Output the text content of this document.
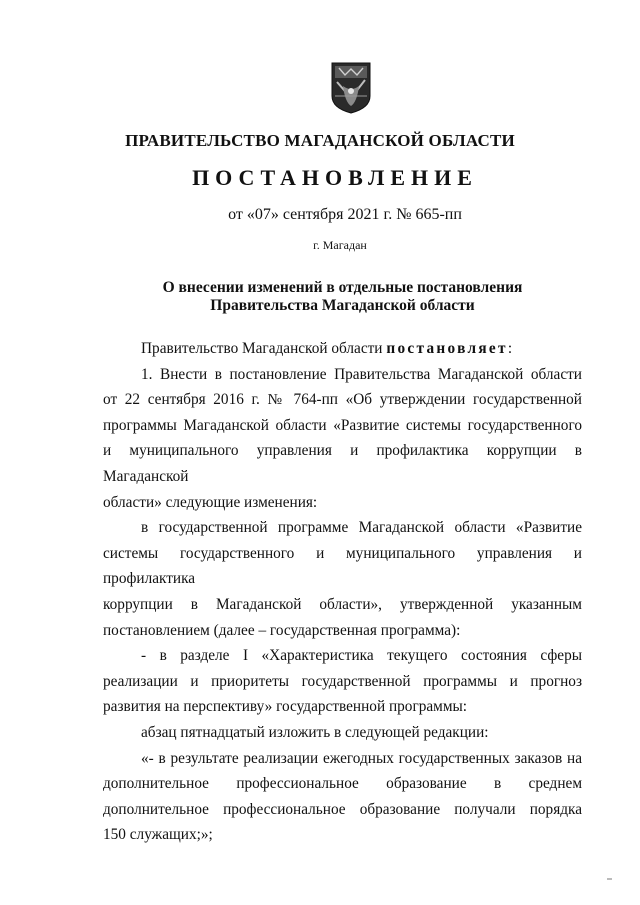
ПРАВИТЕЛЬСТВО МАГАДАНСКОЙ ОБЛАСТИ
ПОСТАНОВЛЕНИЕ
от «07» сентября 2021 г. № 665-пп
г. Магадан
О внесении изменений в отдельные постановления
Правительства Магаданской области
Правительство Магаданской области постановляет:
1. Внести в постановление Правительства Магаданской области
от 22 сентября 2016 г. № 764-пп «Об утверждении государственной
программы Магаданской области «Развитие системы государственного
и муниципального управления и профилактика коррупции в Магаданской
области» следующие изменения:
в государственной программе Магаданской области «Развитие
системы государственного и муниципального управления и профилактика
коррупции в Магаданской области», утвержденной указанным
постановлением (далее – государственная программа):
- в разделе I «Характеристика текущего состояния сферы
реализации и приоритеты государственной программы и прогноз
развития на перспективу» государственной программы:
абзац пятнадцатый изложить в следующей редакции:
«- в результате реализации ежегодных государственных заказов на
дополнительное профессиональное образование в среднем
дополнительное профессиональное образование получали порядка
150 служащих;»;
